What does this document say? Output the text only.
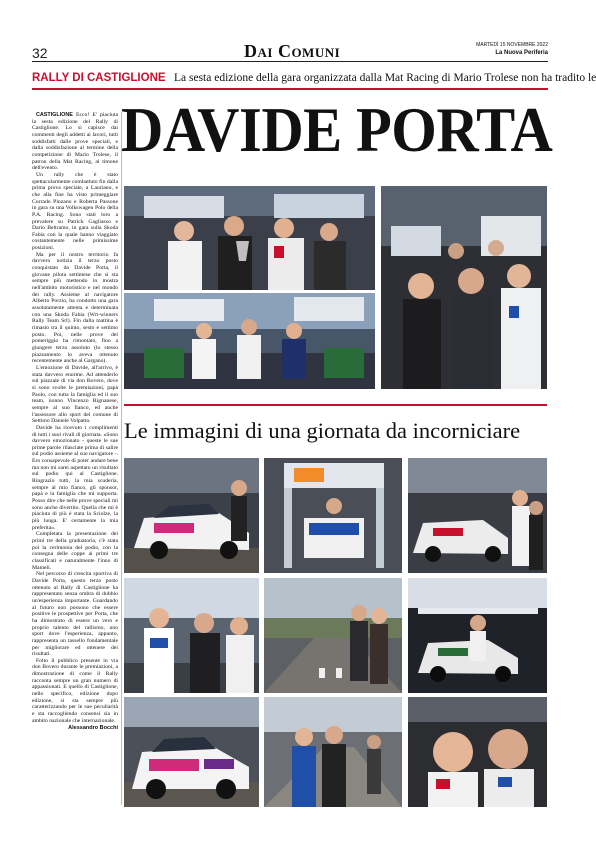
32	Dai Comuni	MARTEDÌ 15 NOVEMBRE 2022
La Nuova Periferia
RALLY DI CASTIGLIONE La sesta edizione della gara organizzata dalla Mat Racing di Mario Trolese non ha tradito le

CASTIGLIONE Ecco! E' piaciuta la sesta edizione del Rally di Castiglione. Lo si capisce dai commenti degli addetti ai lavori, tutti soddisfatti dalle prove speciali, e dalla soddisfazione al termine della competizione di Mario Trolese, il patron della Mat Racing, al timone dell'evento.

Un rally che è stato spettacolarmente combattuto fin dalla prima prova speciale, a Lauriano, e che alla fine ha visto primeggiare Corrado Pinzano e Roberta Passone in gara su una Volkswagen Polo della P.A. Racing. Sono stati loro a prevalere su Patrick Gagliasso e Dario Beltramo, in gara sulla Skoda Fabia con la quale hanno viaggiato costantemente nelle primissime posizioni.

Ma per il nostro territorio fa davvero notizia il terzo posto conquistato da Davide Porta, il giovane pilota settimese che si sta sempre più mettendo in mostra nell'ambito motoristico e nel mondo dei rally. Assieme al navigatore Alberto Porzio, ha condotto una gara assolutamente attenta e determinata con una Skoda Fabia (Wrt-winners Rally Team Srl). Fin dalla mattina è rimasto tra il quinto, sesto e settimo posto. Poi, nelle prove del pomeriggio ha rimontato, fino a giungere terzo assoluto (lo stesso piazzamento lo aveva ottenuto recentemente anche al Gargano).

L'emozione di Davide, all'arrivo, è stata davvero enorme. Ad attenderlo sul piazzale di via don Bovero, dove si sono svolte le premiazioni, papà Paolo, con tutta la famiglia ed il suo team, nonno Vincenzo Rignanese, sempre al suo fianco, ed anche l'assessore allo sport del comune di Settimo Daniele Volpatto.

Davide ha ricevuto i complimenti di tutti i suoi rivali di giornata. «Sono davvero emozionato - queste le sue prime parole rilasciate prima di salire sul podio assieme al suo navigatore -. Ero consapevole di poter andare bene ma non mi sarei aspettato un risultato sul podio qui al Castiglione. Ringrazio tutti, la mia scuderia, sempre al mio fianco, gli sponsor, papà e la famiglia che mi supporta. Posso dire che nelle prove speciali mi sono anche divertito. Quella che mi è piaciuta di più è stata la Sciolze, la più lunga. E' certamente la mia preferita».

Completata la presentazione dei primi tre della graduatoria, c'è stata poi la cerimonia del podio, con la consegna delle coppe ai primi tre classificati e naturalmente l'inno di Mameli.

Nel percorso di crescita sportiva di Davide Porta, questo terzo posto ottenuto al Rally di Castiglione ha rappresentato senza ombra di dubbio un'esperienza importante. Guardando al futuro non possono che essere positive le prospettive per Porta, che ha dimostrato di essere un vero e proprio talento del rallismo, uno sport dove l'esperienza, appunto, rappresenta un tassello fondamentale per migliorare ed ottenere dei risultati.

Folto il pubblico presente in via don Bovero durante le premiazioni, a dimostrazione di come il Rally racconta sempre un gran numero di appassionati. E quello di Castiglione, nello specifico, edizione dopo edizione, si sta sempre più caratterizzando per le sue peculiarità e sta raccogliendo consensi sia in ambito nazionale che internazionale.

Alessandro Bocchi

DAVIDE PORTA
Le immagini di una giornata da incorniciare
